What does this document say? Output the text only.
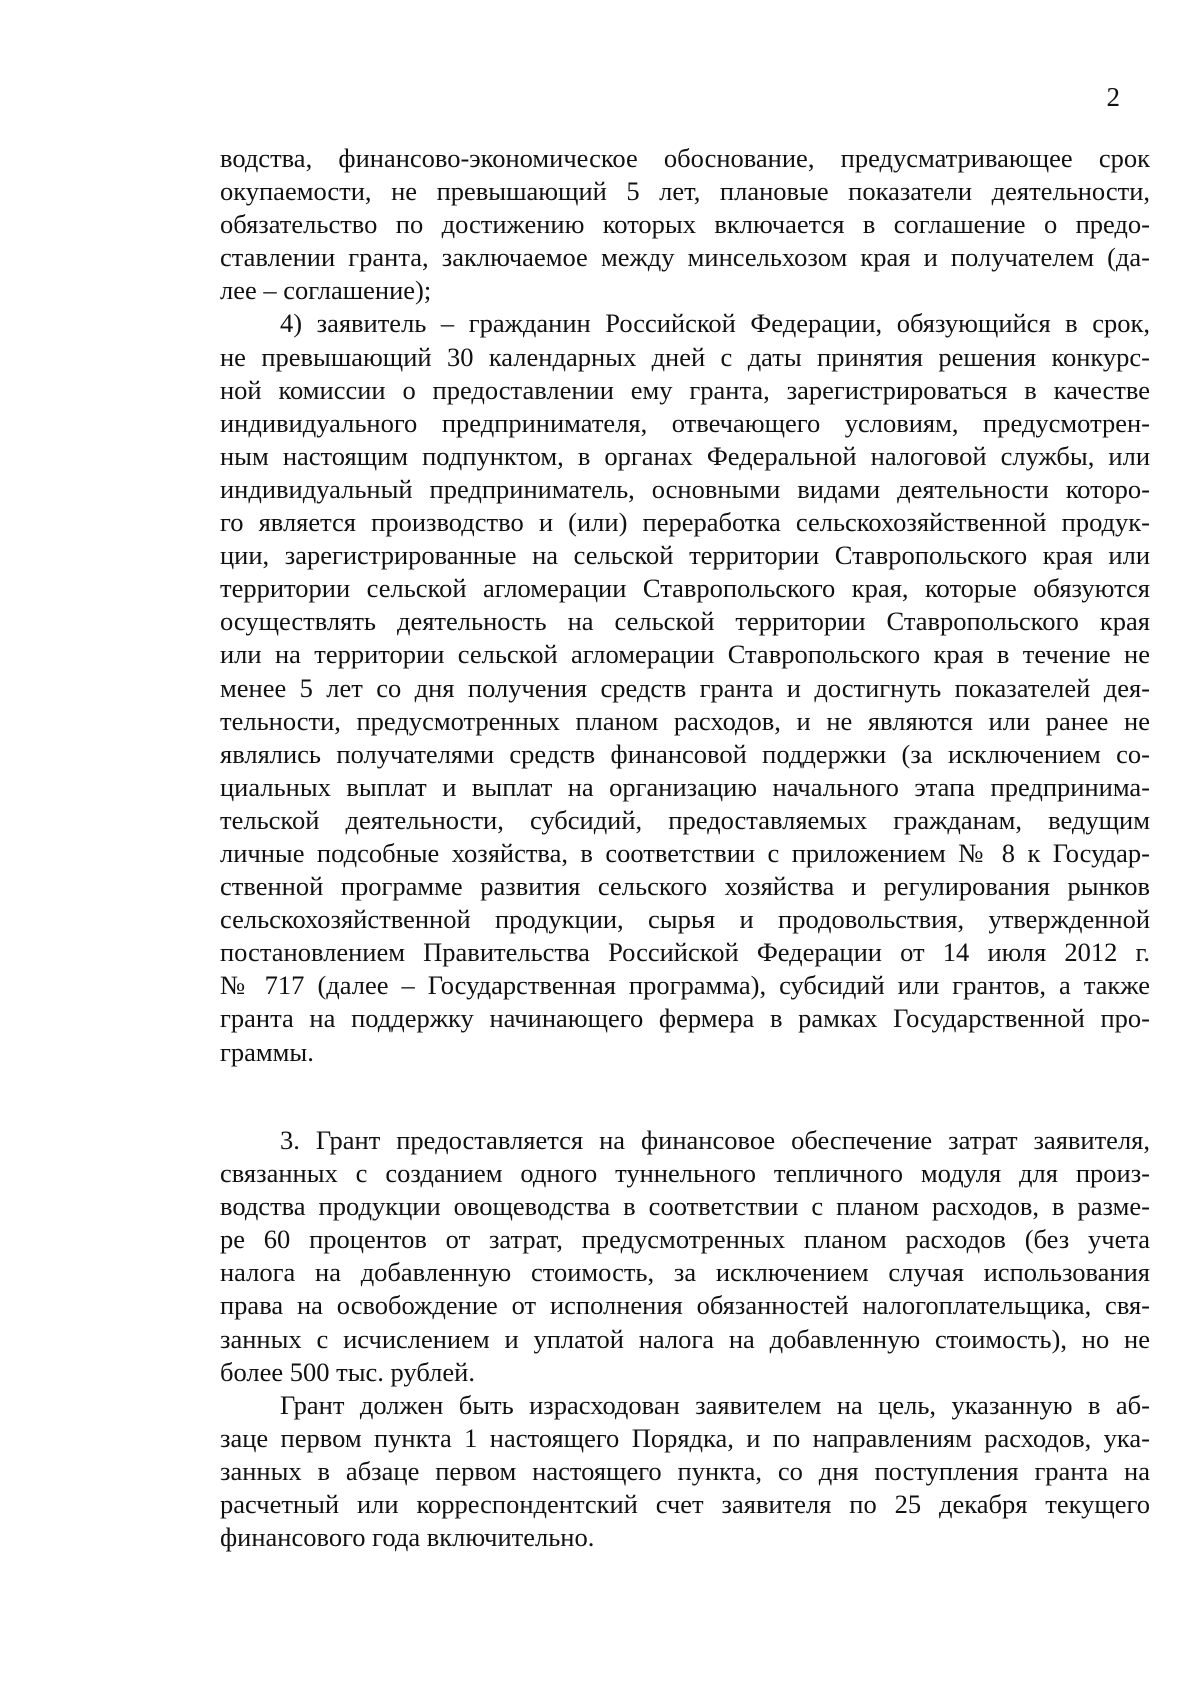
2
водства, финансово-экономическое обоснование, предусматривающее срок
окупаемости, не превышающий 5 лет, плановые показатели деятельности,
обязательство по достижению которых включается в соглашение о предо-
ставлении гранта, заключаемое между минсельхозом края и получателем (да-
лее – соглашение);
4) заявитель – гражданин Российской Федерации, обязующийся в срок,
не превышающий 30 календарных дней с даты принятия решения конкурс-
ной комиссии о предоставлении ему гранта, зарегистрироваться в качестве
индивидуального предпринимателя, отвечающего условиям, предусмотрен-
ным настоящим подпунктом, в органах Федеральной налоговой службы, или
индивидуальный предприниматель, основными видами деятельности которо-
го является производство и (или) переработка сельскохозяйственной продук-
ции, зарегистрированные на сельской территории Ставропольского края или
территории сельской агломерации Ставропольского края, которые обязуются
осуществлять деятельность на сельской территории Ставропольского края
или на территории сельской агломерации Ставропольского края в течение не
менее 5 лет со дня получения средств гранта и достигнуть показателей дея-
тельности, предусмотренных планом расходов, и не являются или ранее не
являлись получателями средств финансовой поддержки (за исключением со-
циальных выплат и выплат на организацию начального этапа предпринима-
тельской деятельности, субсидий, предоставляемых гражданам, ведущим
личные подсобные хозяйства, в соответствии с приложением № 8 к Государ-
ственной программе развития сельского хозяйства и регулирования рынков
сельскохозяйственной продукции, сырья и продовольствия, утвержденной
постановлением Правительства Российской Федерации от 14 июля 2012 г.
№ 717 (далее – Государственная программа), субсидий или грантов, а также
гранта на поддержку начинающего фермера в рамках Государственной про-
граммы.
3. Грант предоставляется на финансовое обеспечение затрат заявителя,
связанных с созданием одного туннельного тепличного модуля для произ-
водства продукции овощеводства в соответствии с планом расходов, в разме-
ре 60 процентов от затрат, предусмотренных планом расходов (без учета
налога на добавленную стоимость, за исключением случая использования
права на освобождение от исполнения обязанностей налогоплательщика, свя-
занных с исчислением и уплатой налога на добавленную стоимость), но не
более 500 тыс. рублей.
Грант должен быть израсходован заявителем на цель, указанную в аб-
заце первом пункта 1 настоящего Порядка, и по направлениям расходов, ука-
занных в абзаце первом настоящего пункта, со дня поступления гранта на
расчетный или корреспондентский счет заявителя по 25 декабря текущего
финансового года включительно.
